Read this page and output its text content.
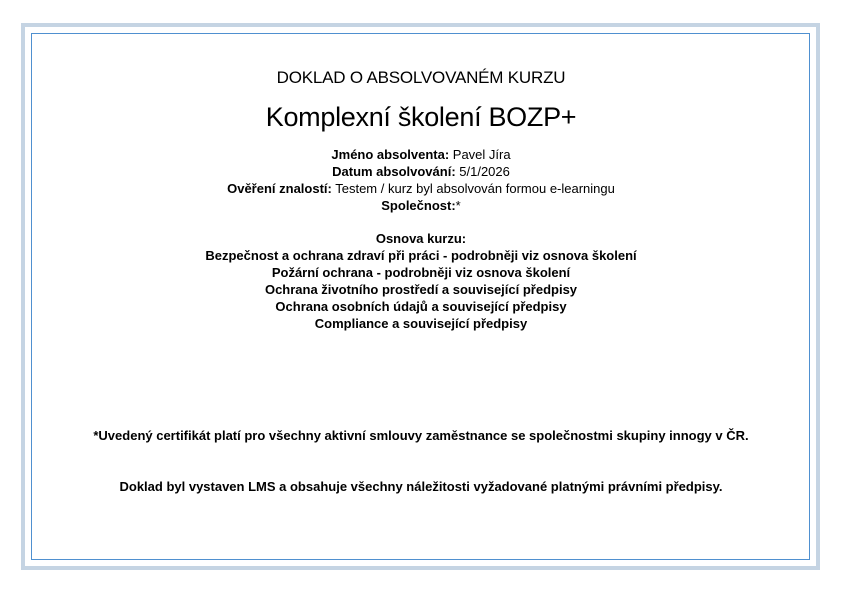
DOKLAD O ABSOLVOVANÉM KURZU
Komplexní školení BOZP+
Jméno absolventa: Pavel Jíra
Datum absolvování: 5/1/2026
Ověření znalostí: Testem / kurz byl absolvován formou e-learningu
Společnost:*
Osnova kurzu:
Bezpečnost a ochrana zdraví při práci - podrobněji viz osnova školení
Požární ochrana - podrobněji viz osnova školení
Ochrana životního prostředí a související předpisy
Ochrana osobních údajů a související předpisy
Compliance a související předpisy
*Uvedený certifikát platí pro všechny aktivní smlouvy zaměstnance se společnostmi skupiny innogy v ČR.
Doklad byl vystaven LMS a obsahuje všechny náležitosti vyžadované platnými právními předpisy.
